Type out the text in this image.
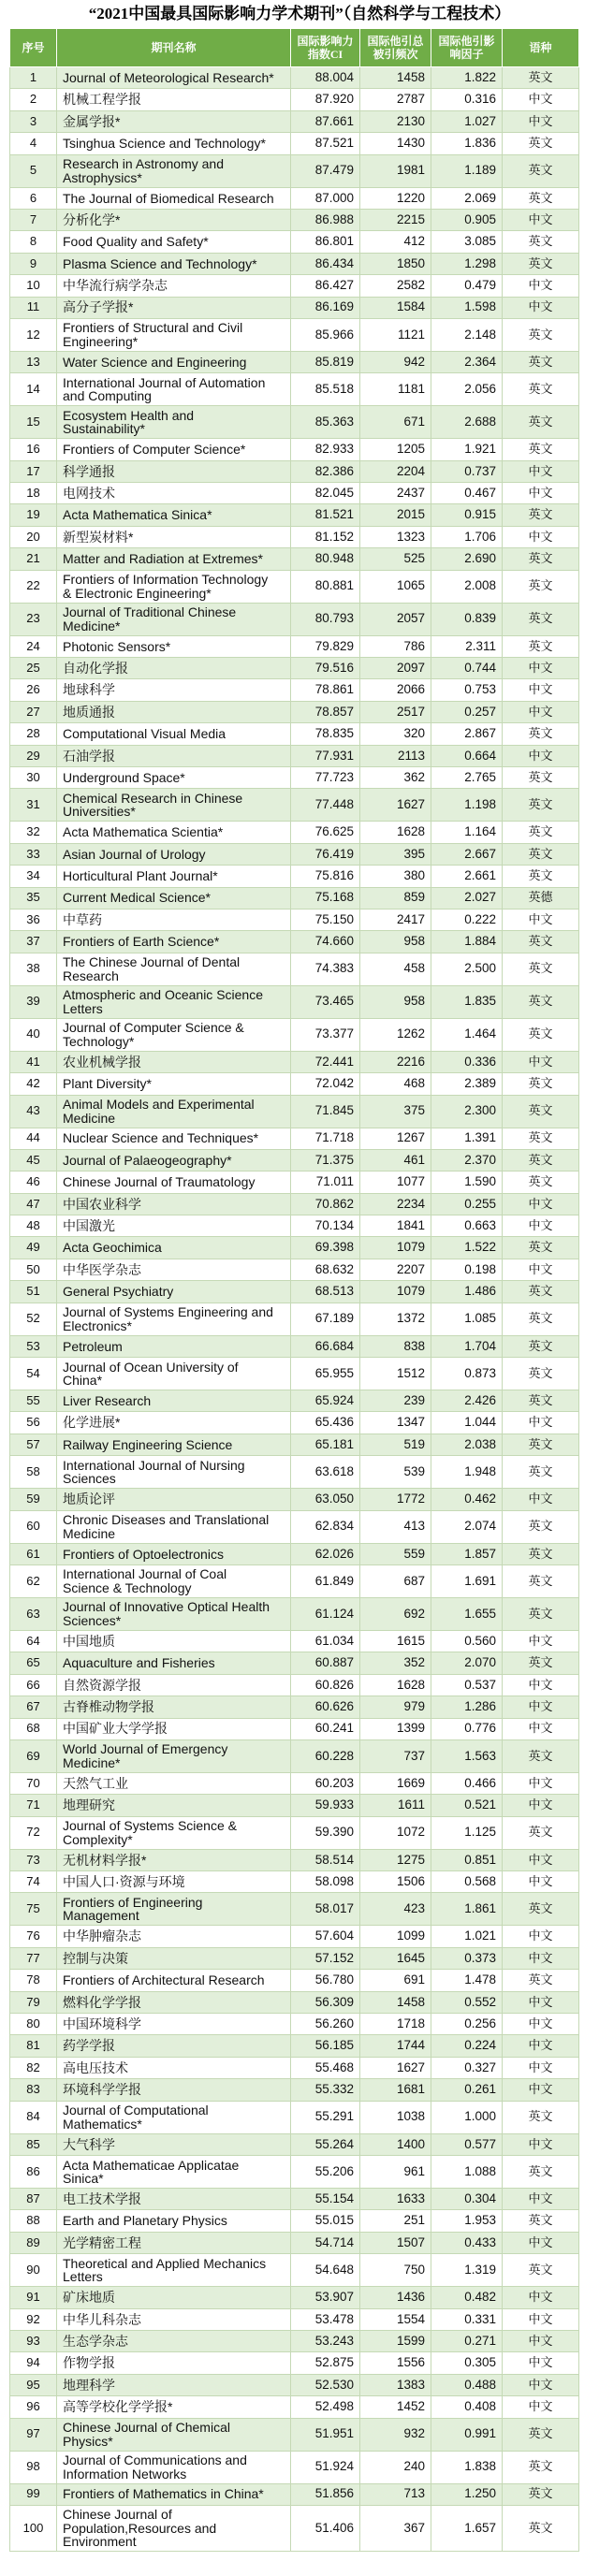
“2021中国最具国际影响力学术期刊”（自然科学与工程技术）
序号	期刊名称	国际影响力指数CI	国际他引总被引频次	国际他引影响因子	语种
1	Journal of Meteorological Research*	88.004	1458	1.822	英文
2	机械工程学报	87.920	2787	0.316	中文
3	金属学报*	87.661	2130	1.027	中文
4	Tsinghua Science and Technology*	87.521	1430	1.836	英文
5	Research in Astronomy and Astrophysics*	87.479	1981	1.189	英文
6	The Journal of Biomedical Research	87.000	1220	2.069	英文
7	分析化学*	86.988	2215	0.905	中文
8	Food Quality and Safety*	86.801	412	3.085	英文
9	Plasma Science and Technology*	86.434	1850	1.298	英文
10	中华流行病学杂志	86.427	2582	0.479	中文
11	高分子学报*	86.169	1584	1.598	中文
12	Frontiers of Structural and Civil Engineering*	85.966	1121	2.148	英文
13	Water Science and Engineering	85.819	942	2.364	英文
14	International Journal of Automation and Computing	85.518	1181	2.056	英文
15	Ecosystem Health and Sustainability*	85.363	671	2.688	英文
16	Frontiers of Computer Science*	82.933	1205	1.921	英文
17	科学通报	82.386	2204	0.737	中文
18	电网技术	82.045	2437	0.467	中文
19	Acta Mathematica Sinica*	81.521	2015	0.915	英文
20	新型炭材料*	81.152	1323	1.706	中文
21	Matter and Radiation at Extremes*	80.948	525	2.690	英文
22	Frontiers of Information Technology & Electronic Engineering*	80.881	1065	2.008	英文
23	Journal of Traditional Chinese Medicine*	80.793	2057	0.839	英文
24	Photonic Sensors*	79.829	786	2.311	英文
25	自动化学报	79.516	2097	0.744	中文
26	地球科学	78.861	2066	0.753	中文
27	地质通报	78.857	2517	0.257	中文
28	Computational Visual Media	78.835	320	2.867	英文
29	石油学报	77.931	2113	0.664	中文
30	Underground Space*	77.723	362	2.765	英文
31	Chemical Research in Chinese Universities*	77.448	1627	1.198	英文
32	Acta Mathematica Scientia*	76.625	1628	1.164	英文
33	Asian Journal of Urology	76.419	395	2.667	英文
34	Horticultural Plant Journal*	75.816	380	2.661	英文
35	Current Medical Science*	75.168	859	2.027	英德
36	中草药	75.150	2417	0.222	中文
37	Frontiers of Earth Science*	74.660	958	1.884	英文
38	The Chinese Journal of Dental Research	74.383	458	2.500	英文
39	Atmospheric and Oceanic Science Letters	73.465	958	1.835	英文
40	Journal of Computer Science & Technology*	73.377	1262	1.464	英文
41	农业机械学报	72.441	2216	0.336	中文
42	Plant Diversity*	72.042	468	2.389	英文
43	Animal Models and Experimental Medicine	71.845	375	2.300	英文
44	Nuclear Science and Techniques*	71.718	1267	1.391	英文
45	Journal of Palaeogeography*	71.375	461	2.370	英文
46	Chinese Journal of Traumatology	71.011	1077	1.590	英文
47	中国农业科学	70.862	2234	0.255	中文
48	中国激光	70.134	1841	0.663	中文
49	Acta Geochimica	69.398	1079	1.522	英文
50	中华医学杂志	68.632	2207	0.198	中文
51	General Psychiatry	68.513	1079	1.486	英文
52	Journal of Systems Engineering and Electronics*	67.189	1372	1.085	英文
53	Petroleum	66.684	838	1.704	英文
54	Journal of Ocean University of China*	65.955	1512	0.873	英文
55	Liver Research	65.924	239	2.426	英文
56	化学进展*	65.436	1347	1.044	中文
57	Railway Engineering Science	65.181	519	2.038	英文
58	International Journal of Nursing Sciences	63.618	539	1.948	英文
59	地质论评	63.050	1772	0.462	中文
60	Chronic Diseases and Translational Medicine	62.834	413	2.074	英文
61	Frontiers of Optoelectronics	62.026	559	1.857	英文
62	International Journal of Coal Science & Technology	61.849	687	1.691	英文
63	Journal of Innovative Optical Health Sciences*	61.124	692	1.655	英文
64	中国地质	61.034	1615	0.560	中文
65	Aquaculture and Fisheries	60.887	352	2.070	英文
66	自然资源学报	60.826	1628	0.537	中文
67	古脊椎动物学报	60.626	979	1.286	中文
68	中国矿业大学学报	60.241	1399	0.776	中文
69	World Journal of Emergency Medicine*	60.228	737	1.563	英文
70	天然气工业	60.203	1669	0.466	中文
71	地理研究	59.933	1611	0.521	中文
72	Journal of Systems Science & Complexity*	59.390	1072	1.125	英文
73	无机材料学报*	58.514	1275	0.851	中文
74	中国人口·资源与环境	58.098	1506	0.568	中文
75	Frontiers of Engineering Management	58.017	423	1.861	英文
76	中华肿瘤杂志	57.604	1099	1.021	中文
77	控制与决策	57.152	1645	0.373	中文
78	Frontiers of Architectural Research	56.780	691	1.478	英文
79	燃料化学学报	56.309	1458	0.552	中文
80	中国环境科学	56.260	1718	0.256	中文
81	药学学报	56.185	1744	0.224	中文
82	高电压技术	55.468	1627	0.327	中文
83	环境科学学报	55.332	1681	0.261	中文
84	Journal of Computational Mathematics*	55.291	1038	1.000	英文
85	大气科学	55.264	1400	0.577	中文
86	Acta Mathematicae Applicatae Sinica*	55.206	961	1.088	英文
87	电工技术学报	55.154	1633	0.304	中文
88	Earth and Planetary Physics	55.015	251	1.953	英文
89	光学精密工程	54.714	1507	0.433	中文
90	Theoretical and Applied Mechanics Letters	54.648	750	1.319	英文
91	矿床地质	53.907	1436	0.482	中文
92	中华儿科杂志	53.478	1554	0.331	中文
93	生态学杂志	53.243	1599	0.271	中文
94	作物学报	52.875	1556	0.305	中文
95	地理科学	52.530	1383	0.488	中文
96	高等学校化学学报*	52.498	1452	0.408	中文
97	Chinese Journal of Chemical Physics*	51.951	932	0.991	英文
98	Journal of Communications and Information Networks	51.924	240	1.838	英文
99	Frontiers of Mathematics in China*	51.856	713	1.250	英文
100	Chinese Journal of Population,Resources and Environment	51.406	367	1.657	英文
